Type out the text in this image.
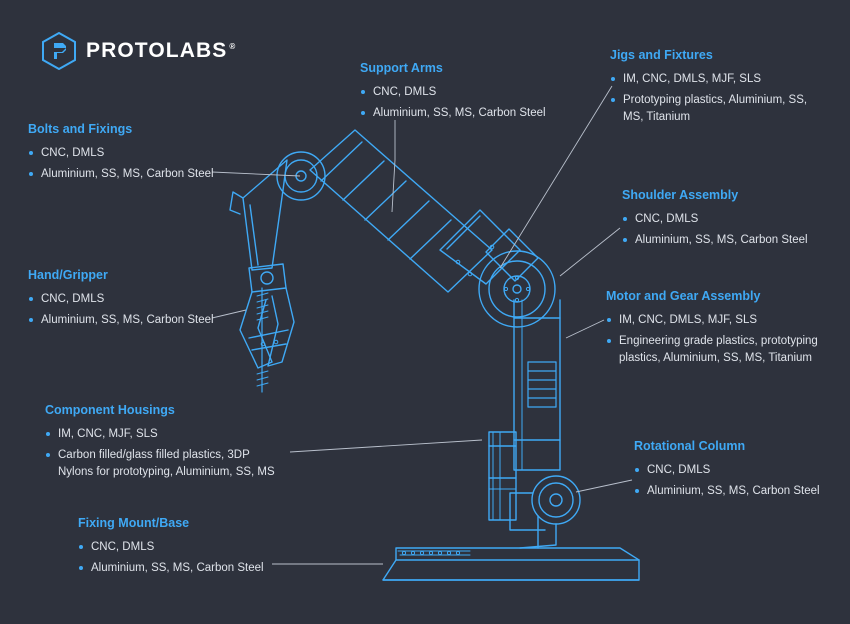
PROTOLABS ®
Bolts and Fixings
CNC, DMLS
Aluminium, SS, MS, Carbon Steel
Hand/Gripper
CNC, DMLS
Aluminium, SS, MS, Carbon Steel
Support Arms
CNC, DMLS
Aluminium, SS, MS, Carbon Steel
Jigs and Fixtures
IM, CNC, DMLS, MJF, SLS
Prototyping plastics, Aluminium, SS, MS, Titanium
Shoulder Assembly
CNC, DMLS
Aluminium, SS, MS, Carbon Steel
Motor and Gear Assembly
IM, CNC, DMLS, MJF, SLS
Engineering grade plastics, prototyping plastics, Aluminium, SS, MS, Titanium
Component Housings
IM, CNC, MJF, SLS
Carbon filled/glass filled plastics, 3DP
Nylons for prototyping, Aluminium, SS, MS
Rotational Column
CNC, DMLS
Aluminium, SS, MS, Carbon Steel
Fixing Mount/Base
CNC, DMLS
Aluminium, SS, MS, Carbon Steel
